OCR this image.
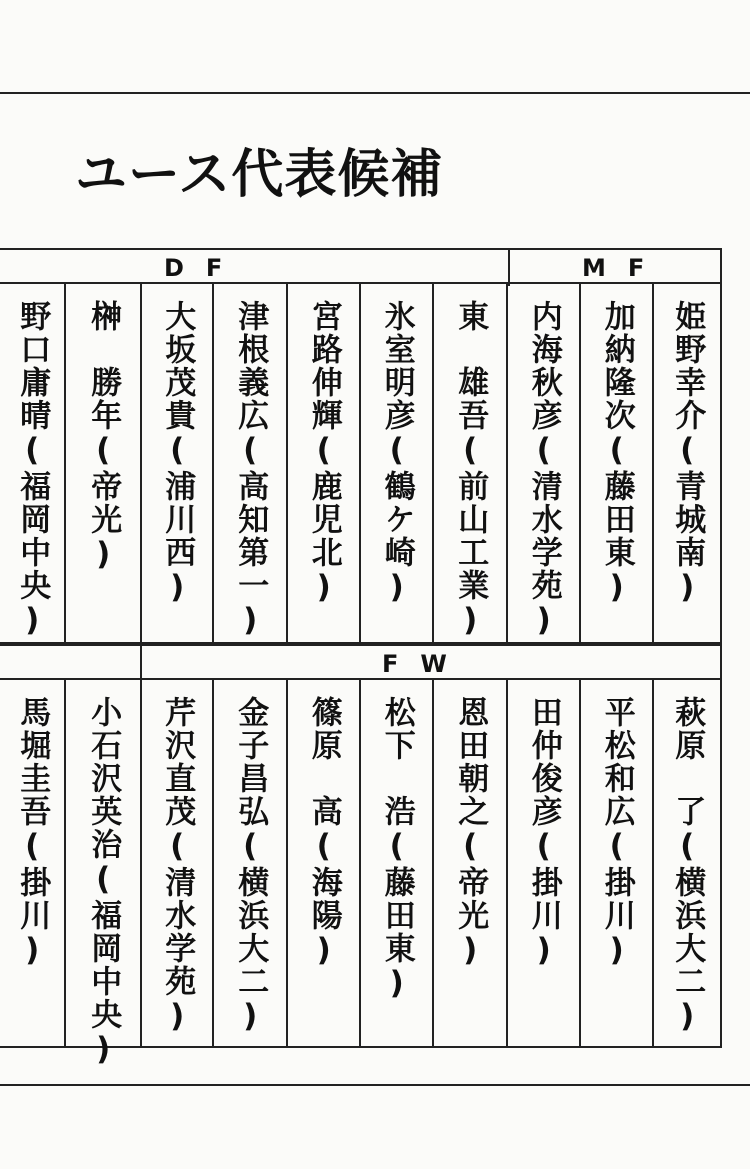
ユース代表候補
DF	MF
野口庸晴(福岡中央) 榊　勝年(帝光) 大坂茂貴(浦川西) 津根義広(高知第一) 宮路伸輝(鹿児北) 氷室明彦(鶴ケ崎) 東　雄吾(前山工業) 内海秋彦(清水学苑) 加納隆次(藤田東) 姫野幸介(青城南)
FW
馬堀圭吾(掛川) 小石沢英治(福岡中央) 芹沢直茂(清水学苑) 金子昌弘(横浜大二) 篠原　高(海陽) 松下　浩(藤田東) 恩田朝之(帝光) 田仲俊彦(掛川) 平松和広(掛川) 萩原　了(横浜大二)
